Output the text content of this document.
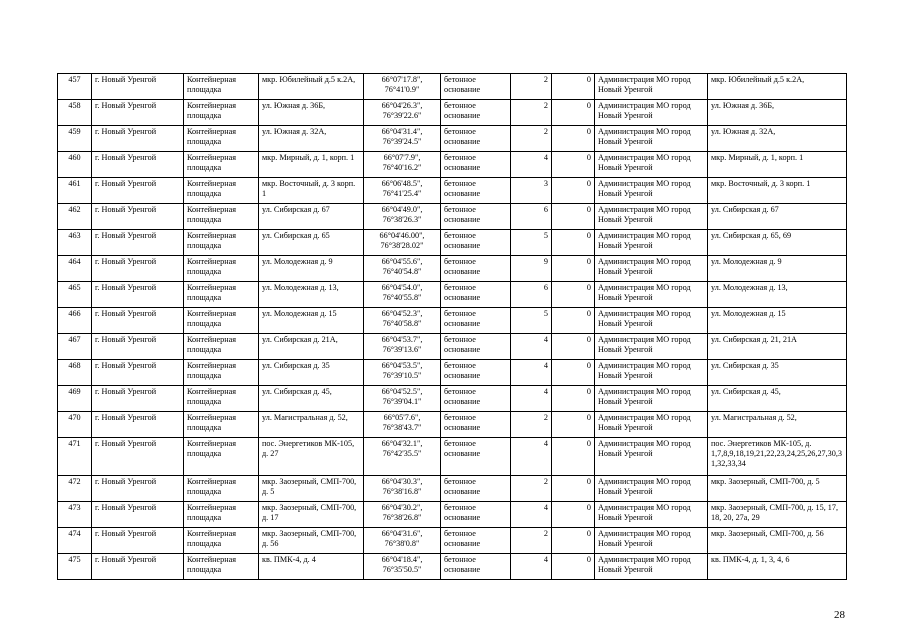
457	г. Новый Уренгой	Контейнерная площадка	мкр. Юбилейный д.5 к.2А,	66°07'17.8", 76°41'0.9"	бетонное основание	2	0	Администрация МО город Новый Уренгой	мкр. Юбилейный д.5 к.2А,
458	г. Новый Уренгой	Контейнерная площадка	ул. Южная д. 36Б,	66°04'26.3", 76°39'22.6"	бетонное основание	2	0	Администрация МО город Новый Уренгой	ул. Южная д. 36Б,
459	г. Новый Уренгой	Контейнерная площадка	ул. Южная д. 32А,	66°04'31.4", 76°39'24.5"	бетонное основание	2	0	Администрация МО город Новый Уренгой	ул. Южная д. 32А,
460	г. Новый Уренгой	Контейнерная площадка	мкр. Мирный, д. 1, корп. 1	66°07'7.9", 76°40'16.2"	бетонное основание	4	0	Администрация МО город Новый Уренгой	мкр. Мирный, д. 1, корп. 1
461	г. Новый Уренгой	Контейнерная площадка	мкр. Восточный, д. 3 корп. 1	66°06'48.5", 76°41'25.4"	бетонное основание	3	0	Администрация МО город Новый Уренгой	мкр. Восточный, д. 3 корп. 1
462	г. Новый Уренгой	Контейнерная площадка	ул. Сибирская д. 67	66°04'49.0", 76°38'26.3"	бетонное основание	6	0	Администрация МО город Новый Уренгой	ул. Сибирская д. 67
463	г. Новый Уренгой	Контейнерная площадка	ул. Сибирская д. 65	66°04'46.00", 76°38'28.02"	бетонное основание	5	0	Администрация МО город Новый Уренгой	ул. Сибирская д. 65, 69
464	г. Новый Уренгой	Контейнерная площадка	ул. Молодежная д. 9	66°04'55.6", 76°40'54.8"	бетонное основание	9	0	Администрация МО город Новый Уренгой	ул. Молодежная д. 9
465	г. Новый Уренгой	Контейнерная площадка	ул. Молодежная д. 13,	66°04'54.0", 76°40'55.8"	бетонное основание	6	0	Администрация МО город Новый Уренгой	ул. Молодежная д. 13,
466	г. Новый Уренгой	Контейнерная площадка	ул. Молодежная д. 15	66°04'52.3", 76°40'58.8"	бетонное основание	5	0	Администрация МО город Новый Уренгой	ул. Молодежная д. 15
467	г. Новый Уренгой	Контейнерная площадка	ул. Сибирская д. 21А,	66°04'53.7", 76°39'13.6"	бетонное основание	4	0	Администрация МО город Новый Уренгой	ул. Сибирская д. 21, 21А
468	г. Новый Уренгой	Контейнерная площадка	ул. Сибирская д. 35	66°04'53.5", 76°39'10.5"	бетонное основание	4	0	Администрация МО город Новый Уренгой	ул. Сибирская д. 35
469	г. Новый Уренгой	Контейнерная площадка	ул. Сибирская д. 45,	66°04'52.5", 76°39'04.1"	бетонное основание	4	0	Администрация МО город Новый Уренгой	ул. Сибирская д. 45,
470	г. Новый Уренгой	Контейнерная площадка	ул. Магистральная д. 52,	66°05'7.6", 76°38'43.7"	бетонное основание	2	0	Администрация МО город Новый Уренгой	ул. Магистральная д. 52,
471	г. Новый Уренгой	Контейнерная площадка	пос. Энергетиков МК-105, д. 27	66°04'32.1", 76°42'35.5"	бетонное основание	4	0	Администрация МО город Новый Уренгой	пос. Энергетиков МК-105, д. 1,7,8,9,18,19,21,22,23,24,25,26,27,30,31,32,33,34
472	г. Новый Уренгой	Контейнерная площадка	мкр. Заозерный, СМП-700, д. 5	66°04'30.3", 76°38'16.8"	бетонное основание	2	0	Администрация МО город Новый Уренгой	мкр. Заозерный, СМП-700, д. 5
473	г. Новый Уренгой	Контейнерная площадка	мкр. Заозерный, СМП-700, д. 17	66°04'30.2", 76°38'26.8"	бетонное основание	4	0	Администрация МО город Новый Уренгой	мкр. Заозерный, СМП-700, д. 15, 17, 18, 20, 27а, 29
474	г. Новый Уренгой	Контейнерная площадка	мкр. Заозерный, СМП-700, д. 56	66°04'31.6", 76°38'0.8"	бетонное основание	2	0	Администрация МО город Новый Уренгой	мкр. Заозерный, СМП-700, д. 56
475	г. Новый Уренгой	Контейнерная площадка	кв. ПМК-4, д. 4	66°04'18.4", 76°35'50.5"	бетонное основание	4	0	Администрация МО город Новый Уренгой	кв. ПМК-4, д. 1, 3, 4, 6
28
